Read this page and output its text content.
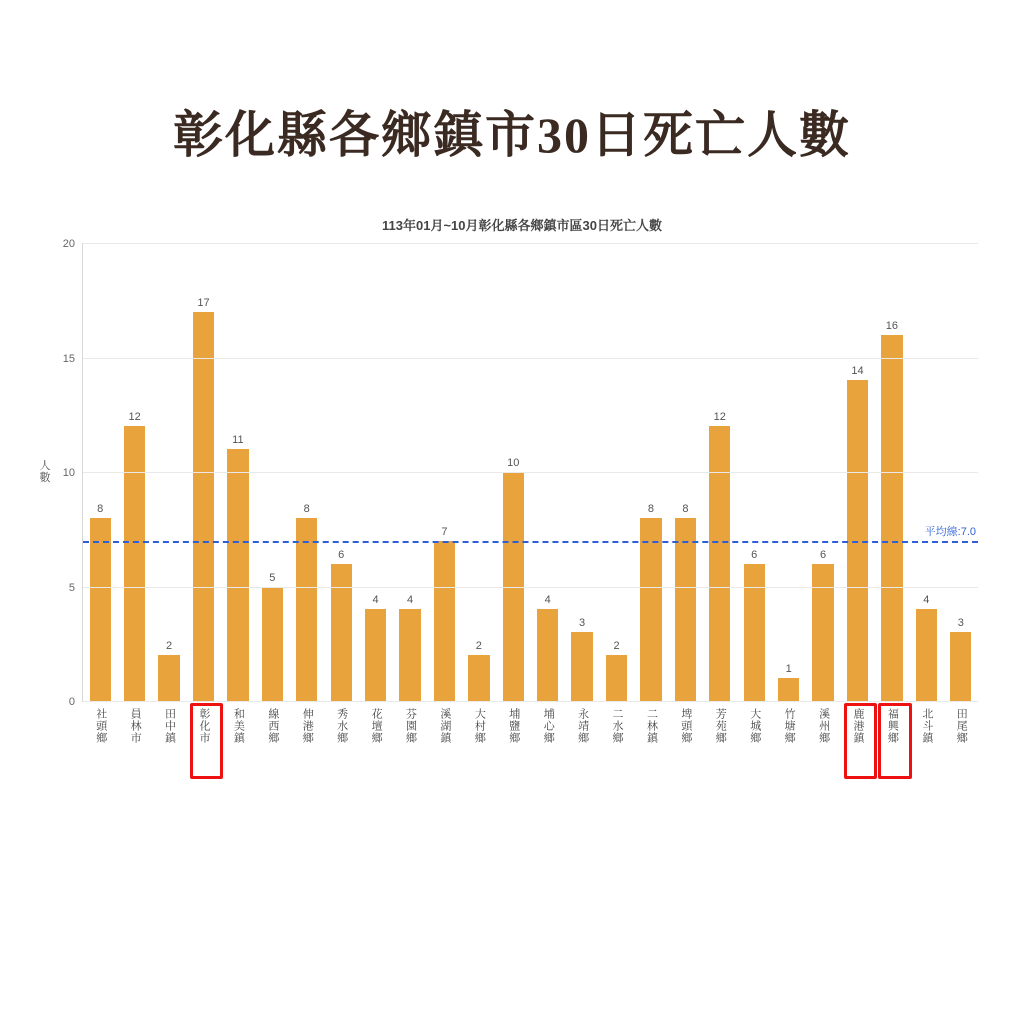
彰化縣各鄉鎮市30日死亡人數
113年01月~10月彰化縣各鄉鎮市區30日死亡人數
人數
8
社頭鄉
12
員林市
2
田中鎮
17
彰化市
11
和美鎮
5
線西鄉
8
伸港鄉
6
秀水鄉
4
花壇鄉
4
芬園鄉
7
溪湖鎮
2
大村鄉
10
埔鹽鄉
4
埔心鄉
3
永靖鄉
2
二水鄉
8
二林鎮
8
埤頭鄉
12
芳苑鄉
6
大城鄉
1
竹塘鄉
6
溪州鄉
14
鹿港鎮
16
福興鄉
4
北斗鎮
3
田尾鄉
0
5
10
15
20
平均線:7.0
